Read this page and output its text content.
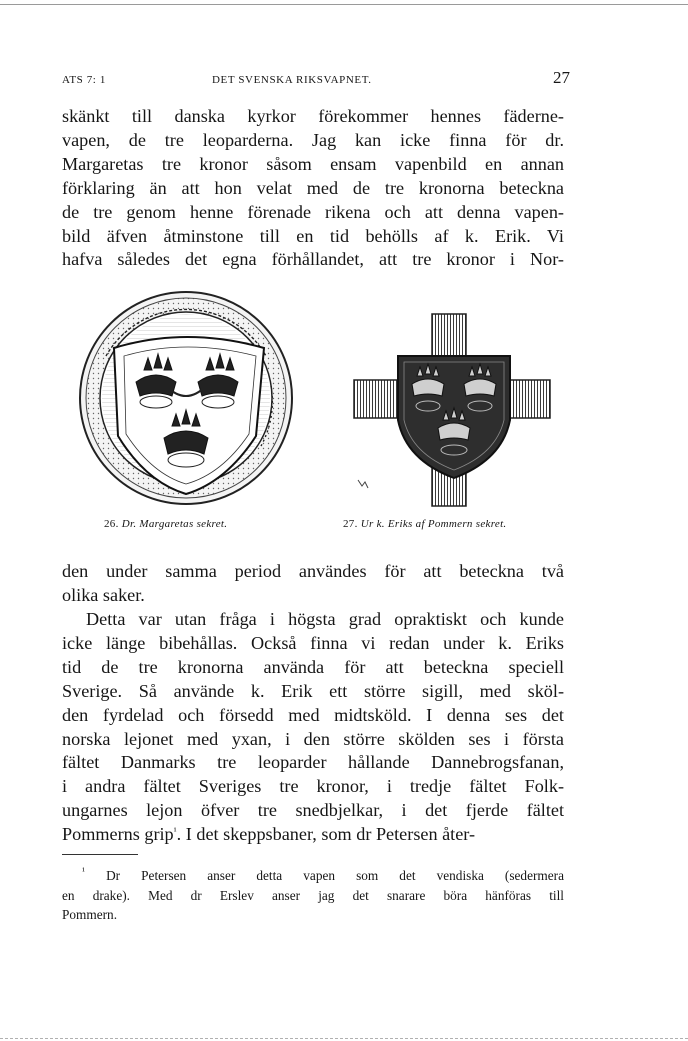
ATS 7: 1	DET SVENSKA RIKSVAPNET.	27
skänkt till danska kyrkor förekommer hennes fäderne-
vapen, de tre leoparderna. Jag kan icke finna för dr.
Margaretas tre kronor såsom ensam vapenbild en annan
förklaring än att hon velat med de tre kronorna beteckna
de tre genom henne förenade rikena och att denna vapen-
bild äfven åtminstone till en tid behölls af k. Erik. Vi
hafva således det egna förhållandet, att tre kronor i Nor-
26. Dr. Margaretas sekret.	27. Ur k. Eriks af Pommern sekret.
den under samma period användes för att beteckna två
olika saker.
Detta var utan fråga i högsta grad opraktiskt och kunde
icke länge bibehållas. Också finna vi redan under k. Eriks
tid de tre kronorna använda för att beteckna speciell
Sverige. Så använde k. Erik ett större sigill, med sköl-
den fyrdelad och försedd med midtsköld. I denna ses det
norska lejonet med yxan, i den större skölden ses i första
fältet Danmarks tre leoparder hållande Dannebrogsfanan,
i andra fältet Sveriges tre kronor, i tredje fältet Folk-
ungarnes lejon öfver tre snedbjelkar, i det fjerde fältet
Pommerns grip$^{^1}$. I det skeppsbaner, som dr Petersen åter-
$^{^1}$ Dr Petersen anser detta vapen som det vendiska (sedermera
en drake). Med dr Erslev anser jag det snarare böra hänföras till
Pommern.
